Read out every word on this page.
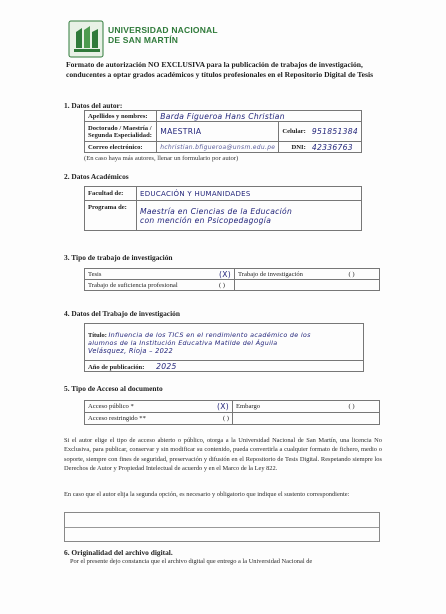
UNIVERSIDAD NACIONAL
DE SAN MARTÍN
Formato de autorización NO EXCLUSIVA para la publicación de trabajos de investigación, conducentes a optar grados académicos y títulos profesionales en el Repositorio Digital de Tesis
1. Datos del autor:
Apellidos y nombres:	Barda Figueroa Hans Christian		

Doctorado / Maestría /
Segunda Especialidad:	MAESTRIA	Celular:	951851384
Correo electrónico:	hchristian.bfigueroa@unsm.edu.pe	DNI:	42336763
(En caso haya más autores, llenar un formulario por autor)
2. Datos Académicos
Facultad de:	EDUCACIÓN Y HUMANIDADES
Programa de:	Maestría en Ciencias de la Educación
con mención en Psicopedagogía
3. Tipo de trabajo de investigación
Tesis	(X)	Trabajo de investigación	( )
Trabajo de suficiencia profesional ( )			

4. Datos del Trabajo de investigación
Título: Influencia de los TICS en el rendimiento académico de los
alumnos de la Institución Educativa Matilde del Águila
Velásquez, Rioja – 2022

Año de publicación: 2025
5. Tipo de Acceso al documento
Acceso público *	(X)	Embargo	( )
Acceso restringido **	( )		
Si el autor elige el tipo de acceso abierto o público, otorga a la Universidad Nacional de San Martín, una licencia No Exclusiva, para publicar, conservar y sin modificar su contenido, pueda convertirla a cualquier formato de fichero, medio o soporte, siempre con fines de seguridad, preservación y difusión en el Repositorio de Tesis Digital. Respetando siempre los Derechos de Autor y Propiedad Intelectual de acuerdo y en el Marco de la Ley 822.
En caso que el autor elija la segunda opción, es necesario y obligatorio que indique el sustento correspondiente:
6. Originalidad del archivo digital.
Por el presente dejo constancia que el archivo digital que entrego a la Universidad Nacional de
